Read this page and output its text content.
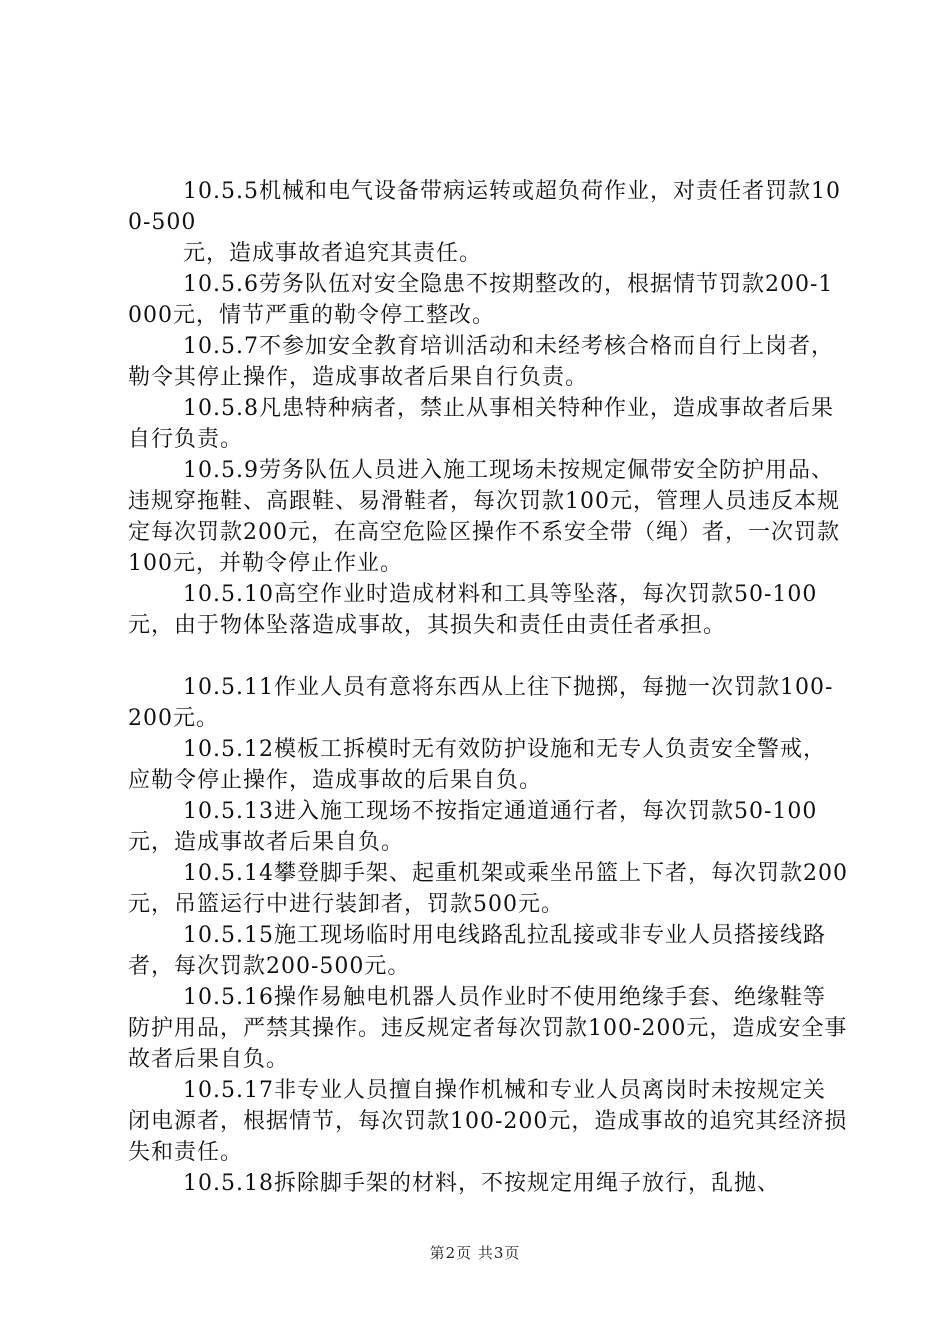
10.5.5机械和电气设备带病运转或超负荷作业，对责任者罚款100-500

元，造成事故者追究其责任。

10.5.6劳务队伍对安全隐患不按期整改的，根据情节罚款200-1000元，情节严重的勒令停工整改。

10.5.7不参加安全教育培训活动和未经考核合格而自行上岗者，勒令其停止操作，造成事故者后果自行负责。

10.5.8凡患特种病者，禁止从事相关特种作业，造成事故者后果自行负责。

10.5.9劳务队伍人员进入施工现场未按规定佩带安全防护用品、违规穿拖鞋、高跟鞋、易滑鞋者，每次罚款100元，管理人员违反本规定每次罚款200元，在高空危险区操作不系安全带（绳）者，一次罚款100元，并勒令停止作业。

10.5.10高空作业时造成材料和工具等坠落，每次罚款50-100元，由于物体坠落造成事故，其损失和责任由责任者承担。

10.5.11作业人员有意将东西从上往下抛掷，每抛一次罚款100-200元。

10.5.12模板工拆模时无有效防护设施和无专人负责安全警戒，应勒令停止操作，造成事故的后果自负。

10.5.13进入施工现场不按指定通道通行者，每次罚款50-100元，造成事故者后果自负。

10.5.14攀登脚手架、起重机架或乘坐吊篮上下者，每次罚款200元，吊篮运行中进行装卸者，罚款500元。

10.5.15施工现场临时用电线路乱拉乱接或非专业人员搭接线路者，每次罚款200-500元。

10.5.16操作易触电机器人员作业时不使用绝缘手套、绝缘鞋等防护用品，严禁其操作。违反规定者每次罚款100-200元，造成安全事故者后果自负。

10.5.17非专业人员擅自操作机械和专业人员离岗时未按规定关闭电源者，根据情节，每次罚款100-200元，造成事故的追究其经济损失和责任。

10.5.18拆除脚手架的材料，不按规定用绳子放行，乱抛、

第2页 共3页
